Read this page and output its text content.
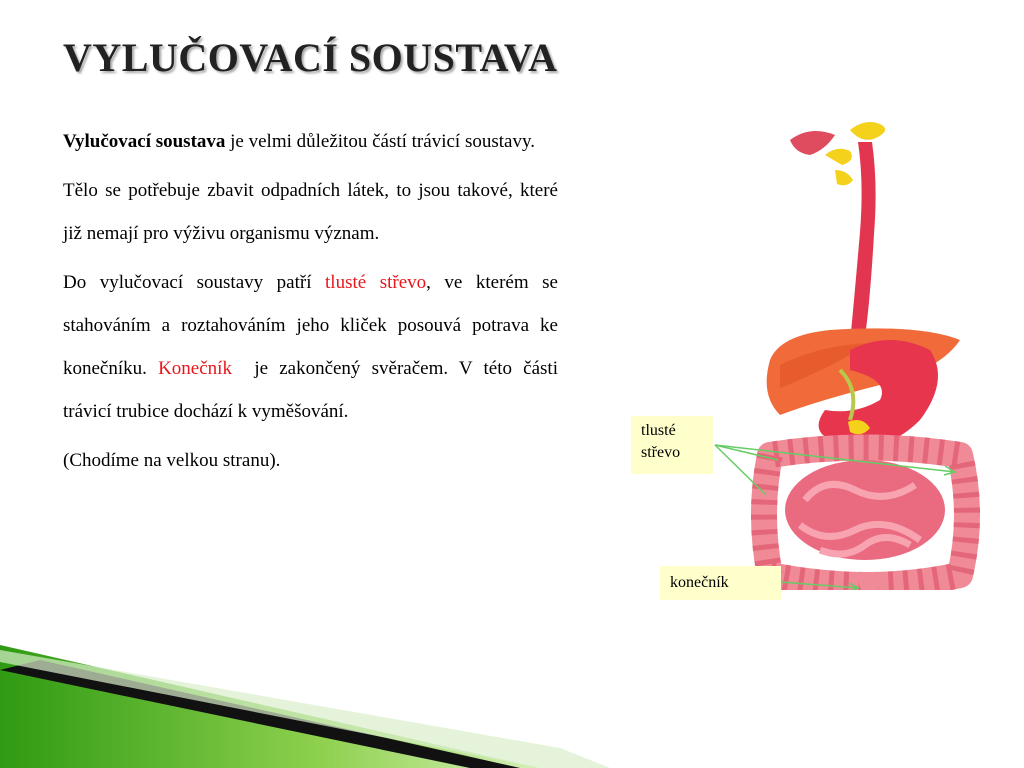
VYLUČOVACÍ SOUSTAVA

Vylučovací soustava je velmi důležitou částí trávicí soustavy.

Tělo se potřebuje zbavit odpadních látek, to jsou takové, které již nemají pro výživu organismu význam.

Do vylučovací soustavy patří tlusté střevo, ve kterém se stahováním a roztahováním jeho kliček posouvá potrava ke konečníku. Konečník  je zakončený svěračem. V této části trávicí trubice dochází k vyměšování.

(Chodíme na velkou stranu).

tlusté
střevo
konečník
